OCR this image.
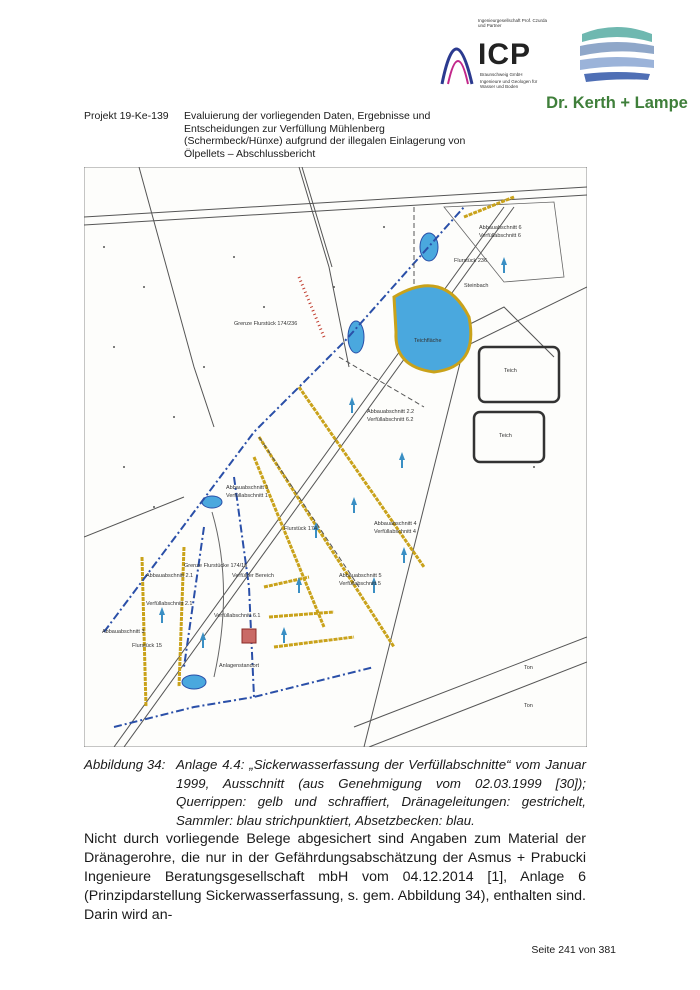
Ingenieurgesellschaft Prof. Czurda und Partner
ICP
Braunschweig GmbH
Ingenieure und Geologen für Wasser und Boden
Dr. Kerth + Lampe
Projekt 19-Ke-139 Evaluierung der vorliegenden Daten, Ergebnisse und Entscheidungen zur Verfüllung Mühlenberg (Schermbeck/Hünxe) aufgrund der illegalen Einlagerung von Ölpellets – Abschlussbericht
Grenze Flurstück 174/236
Flurstück 236
Steinbach
Teichfläche
Teich
Teich
Abbauabschnitt 6
Verfüllabschnitt 6
Abbauabschnitt 2.2
Verfüllabschnitt 6.2
Abbauabschnitt 1
Verfüllabschnitt 1
Abbauabschnitt 4
Verfüllabschnitt 4
Flurstück 174
Abbauabschnitt 5
Verfüllabschnitt 5
Grenze Flurstücke 174/15
Abbauabschnitt 2.1
Verfüllabschnitt 2.1
Verfüllter Bereich
Verfüllabschnitt 6.1
Abbauabschnitt 3
Flurstück 15
Anlagenstandort	Ton
Ton
Abbildung 34: Anlage 4.4: „Sickerwasserfassung der Verfüllabschnitte“ vom Januar 1999, Ausschnitt (aus Genehmigung vom 02.03.1999 [30]); Querrippen: gelb und schraffiert, Dränageleitungen: gestrichelt, Sammler: blau strichpunktiert, Absetzbecken: blau.
Nicht durch vorliegende Belege abgesichert sind Angaben zum Material der Dränagerohre, die nur in der Gefährdungsabschätzung der Asmus + Prabucki Ingenieure Beratungsgesellschaft mbH vom 04.12.2014 [1], Anlage 6 (Prinzipdarstellung Sickerwasserfassung, s. gem. Abbildung 34), enthalten sind. Darin wird an-
Seite 241 von 381
